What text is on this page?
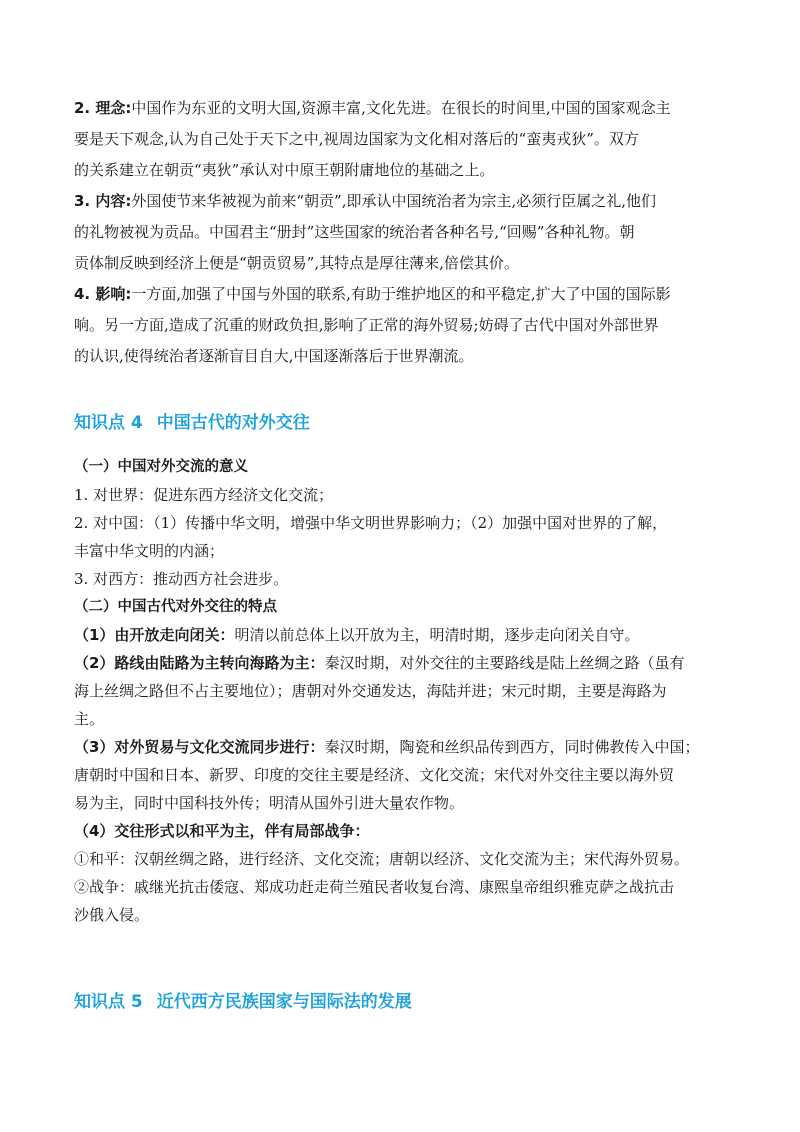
2. 理念:中国作为东亚的文明大国,资源丰富,文化先进。在很长的时间里,中国的国家观念主
要是天下观念,认为自己处于天下之中,视周边国家为文化相对落后的“蛮夷戎狄”。双方
的关系建立在朝贡“夷狄”承认对中原王朝附庸地位的基础之上。
3. 内容:外国使节来华被视为前来“朝贡”,即承认中国统治者为宗主,必须行臣属之礼,他们
的礼物被视为贡品。中国君主“册封”这些国家的统治者各种名号,“回赐”各种礼物。朝
贡体制反映到经济上便是“朝贡贸易”,其特点是厚往薄来,倍偿其价。
4. 影响:一方面,加强了中国与外国的联系,有助于维护地区的和平稳定,扩大了中国的国际影
响。另一方面,造成了沉重的财政负担,影响了正常的海外贸易;妨碍了古代中国对外部世界
的认识,使得统治者逐渐盲目自大,中国逐渐落后于世界潮流。
知识点 4 中国古代的对外交往
（一）中国对外交流的意义
1. 对世界：促进东西方经济文化交流；
2. 对中国：（1）传播中华文明，增强中华文明世界影响力；（2）加强中国对世界的了解，
丰富中华文明的内涵；
3. 对西方：推动西方社会进步。
（二）中国古代对外交往的特点
（1）由开放走向闭关：明清以前总体上以开放为主，明清时期，逐步走向闭关自守。
（2）路线由陆路为主转向海路为主：秦汉时期，对外交往的主要路线是陆上丝绸之路（虽有
海上丝绸之路但不占主要地位）；唐朝对外交通发达，海陆并进；宋元时期，主要是海路为
主。
（3）对外贸易与文化交流同步进行：秦汉时期，陶瓷和丝织品传到西方，同时佛教传入中国；
唐朝时中国和日本、新罗、印度的交往主要是经济、文化交流；宋代对外交往主要以海外贸
易为主，同时中国科技外传；明清从国外引进大量农作物。
（4）交往形式以和平为主，伴有局部战争：
①和平：汉朝丝绸之路，进行经济、文化交流；唐朝以经济、文化交流为主；宋代海外贸易。
②战争：戚继光抗击倭寇、郑成功赶走荷兰殖民者收复台湾、康熙皇帝组织雅克萨之战抗击
沙俄入侵。
知识点 5 近代西方民族国家与国际法的发展
